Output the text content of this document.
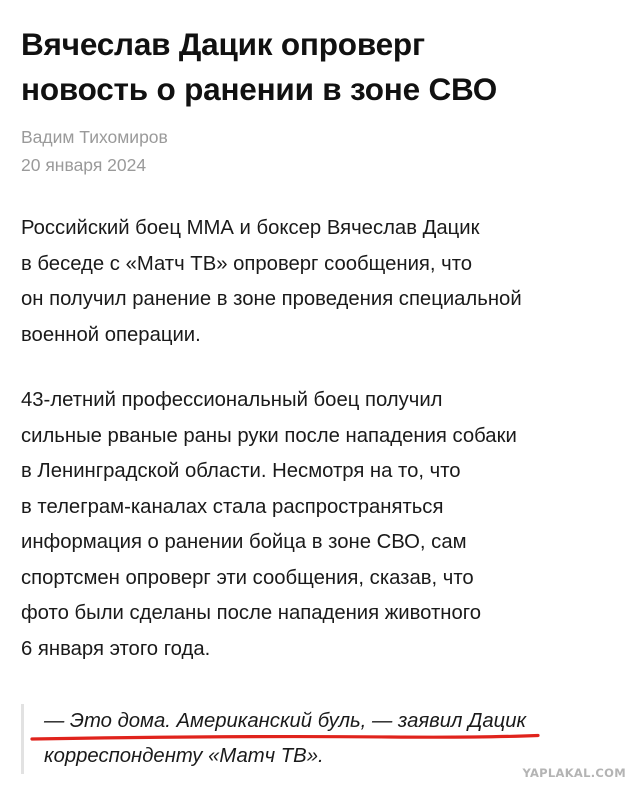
Вячеслав Дацик опроверг
новость о ранении в зоне СВО
Вадим Тихомиров
20 января 2024
Российский боец ММА и боксер Вячеслав Дацик
в беседе с «Матч ТВ» опроверг сообщения, что
он получил ранение в зоне проведения специальной
военной операции.
43-летний профессиональный боец получил
сильные рваные раны руки после нападения собаки
в Ленинградской области. Несмотря на то, что
в телеграм-каналах стала распространяться
информация о ранении бойца в зоне СВО, сам
спортсмен опроверг эти сообщения, сказав, что
фото были сделаны после нападения животного
6 января этого года.
— Это дома. Американский буль, — заявил Дацик
корреспонденту «Матч ТВ».
YAPLAKAL.COM
